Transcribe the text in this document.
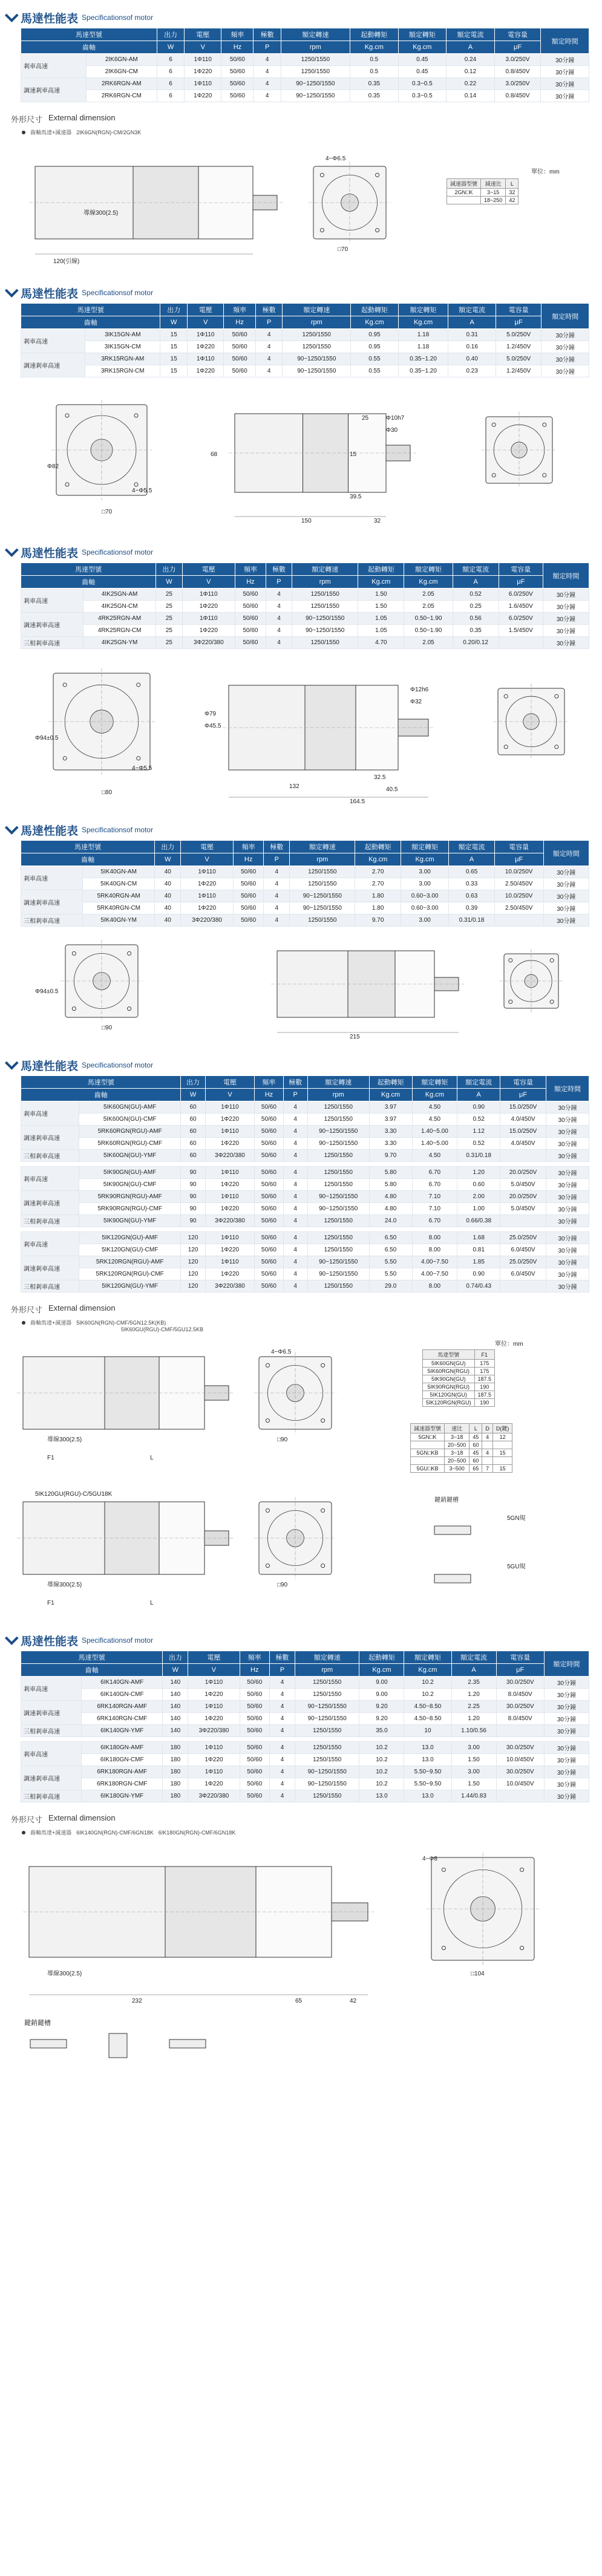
馬達性能表 Specificationsof motor
馬達型號		出力	電壓	頻率	極數	額定轉速	起動轉矩	額定轉矩	額定電流	電容量	額定時間
齒軸		W	V	Hz	P	rpm	Kg.cm	Kg.cm	A	μF	
剎車高速	2IK6GN-AM	6	1Φ110	50/60	4	1250/1550	0.5	0.45	0.24	3.0/250V	30分鐘
	2IK6GN-CM	6	1Φ220	50/60	4	1250/1550	0.5	0.45	0.12	0.8/450V	30分鐘
調速剎車高速	2RK6RGN-AM	6	1Φ110	50/60	4	90~1250/1550	0.35	0.3~0.5	0.22	3.0/250V	30分鐘
	2RK6RGN-CM	6	1Φ220	50/60	4	90~1250/1550	0.35	0.3~0.5	0.14	0.8/450V	30分鐘
外形尺寸 External dimension
齒軸馬達+減速器 2IK6GN(RGN)-CM/2GN3K
120(引線)
導線300(2.5)
4~Φ6.5
□70
減速器型號	減速比	L
2GN□K	3~15	32
	18~250	42
單位：mm
馬達性能表 Specificationsof motor
馬達型號		出力	電壓	頻率	極數	額定轉速	起動轉矩	額定轉矩	額定電流	電容量	額定時間
齒軸		W	V	Hz	P	rpm	Kg.cm	Kg.cm	A	μF	
剎車高速	3IK15GN-AM	15	1Φ110	50/60	4	1250/1550	0.95	1.18	0.31	5.0/250V	30分鐘
	3IK15GN-CM	15	1Φ220	50/60	4	1250/1550	0.95	1.18	0.16	1.2/450V	30分鐘
調速剎車高速	3RK15RGN-AM	15	1Φ110	50/60	4	90~1250/1550	0.55	0.35~1.20	0.40	5.0/250V	30分鐘
	3RK15RGN-CM	15	1Φ220	50/60	4	90~1250/1550	0.55	0.35~1.20	0.23	1.2/450V	30分鐘
Φ82
□70
68
150	32
Φ10h7
Φ30
25
15
39.5
4~Φ5.5
馬達性能表 Specificationsof motor
馬達型號		出力	電壓	頻率	極數	額定轉速	起動轉矩	額定轉矩	額定電流	電容量	額定時間
齒軸		W	V	Hz	P	rpm	Kg.cm	Kg.cm	A	μF	
剎車高速	4IK25GN-AM	25	1Φ110	50/60	4	1250/1550	1.50	2.05	0.52	6.0/250V	30分鐘
	4IK25GN-CM	25	1Φ220	50/60	4	1250/1550	1.50	2.05	0.25	1.6/450V	30分鐘
調速剎車高速	4RK25RGN-AM	25	1Φ110	50/60	4	90~1250/1550	1.05	0.50~1.90	0.56	6.0/250V	30分鐘
	4RK25RGN-CM	25	1Φ220	50/60	4	90~1250/1550	1.05	0.50~1.90	0.35	1.5/450V	30分鐘
三相剎車高速	4IK25GN-YM	25	3Φ220/380	50/60	4	1250/1550	4.70	2.05	0.20/0.12		30分鐘
Φ94±0.5
□80
Φ79
Φ45.5
132
32.5
40.5
164.5
Φ12h6
Φ32
4~Φ5.5
馬達性能表 Specificationsof motor
馬達型號		出力	電壓	頻率	極數	額定轉速	起動轉矩	額定轉矩	額定電流	電容量	額定時間
齒軸		W	V	Hz	P	rpm	Kg.cm	Kg.cm	A	μF	
剎車高速	5IK40GN-AM	40	1Φ110	50/60	4	1250/1550	2.70	3.00	0.65	10.0/250V	30分鐘
	5IK40GN-CM	40	1Φ220	50/60	4	1250/1550	2.70	3.00	0.33	2.50/450V	30分鐘
調速剎車高速	5RK40RGN-AM	40	1Φ110	50/60	4	90~1250/1550	1.80	0.60~3.00	0.63	10.0/250V	30分鐘
	5RK40RGN-CM	40	1Φ220	50/60	4	90~1250/1550	1.80	0.60~3.00	0.39	2.50/450V	30分鐘
三相剎車高速	5IK40GN-YM	40	3Φ220/380	50/60	4	1250/1550	9.70	3.00	0.31/0.18		30分鐘
Φ94±0.5
□90
215
馬達性能表 Specificationsof motor
馬達型號		出力	電壓	頻率	極數	額定轉速	起動轉矩	額定轉矩	額定電流	電容量	額定時間
齒軸		W	V	Hz	P	rpm	Kg.cm	Kg.cm	A	μF	
剎車高速	5IK60GN(GU)-AMF	60	1Φ110	50/60	4	1250/1550	3.97	4.50	0.90	15.0/250V	30分鐘
	5IK60GN(GU)-CMF	60	1Φ220	50/60	4	1250/1550	3.97	4.50	0.52	4.0/450V	30分鐘
調速剎車高速	5RK60RGN(RGU)-AMF	60	1Φ110	50/60	4	90~1250/1550	3.30	1.40~5.00	1.12	15.0/250V	30分鐘
	5RK60RGN(RGU)-CMF	60	1Φ220	50/60	4	90~1250/1550	3.30	1.40~5.00	0.52	4.0/450V	30分鐘
三相剎車高速	5IK60GN(GU)-YMF	60	3Φ220/380	50/60	4	1250/1550	9.70	4.50	0.31/0.18		30分鐘

剎車高速	5IK90GN(GU)-AMF	90	1Φ110	50/60	4	1250/1550	5.80	6.70	1.20	20.0/250V	30分鐘
	5IK90GN(GU)-CMF	90	1Φ220	50/60	4	1250/1550	5.80	6.70	0.60	5.0/450V	30分鐘
調速剎車高速	5RK90RGN(RGU)-AMF	90	1Φ110	50/60	4	90~1250/1550	4.80	7.10	2.00	20.0/250V	30分鐘
	5RK90RGN(RGU)-CMF	90	1Φ220	50/60	4	90~1250/1550	4.80	7.10	1.00	5.0/450V	30分鐘
三相剎車高速	5IK90GN(GU)-YMF	90	3Φ220/380	50/60	4	1250/1550	24.0	6.70	0.66/0.38		30分鐘

剎車高速	5IK120GN(GU)-AMF	120	1Φ110	50/60	4	1250/1550	6.50	8.00	1.68	25.0/250V	30分鐘
	5IK120GN(GU)-CMF	120	1Φ220	50/60	4	1250/1550	6.50	8.00	0.81	6.0/450V	30分鐘
調速剎車高速	5RK120RGN(RGU)-AMF	120	1Φ110	50/60	4	90~1250/1550	5.50	4.00~7.50	1.85	25.0/250V	30分鐘
	5RK120RGN(RGU)-CMF	120	1Φ220	50/60	4	90~1250/1550	5.50	4.00~7.50	0.90	6.0/450V	30分鐘
三相剎車高速	5IK120GN(GU)-YMF	120	3Φ220/380	50/60	4	1250/1550	29.0	8.00	0.74/0.43		30分鐘
外形尺寸 External dimension
齒軸馬達+減速器 5IK60GN(RGN)-CMF/5GN12.5K(KB)
5IK60GU(RGU)-CMF/5GU12.5KB
導線300(2.5)
F1	L
□90
4~Φ6.5
導線300(2.5)
F1	L
□90
5IK120GU(RGU)-C/5GU18K
鍵銷鍵槽
5GN規
5GU規
單位：mm
馬達型號	F1
5IK60GN(GU)	175
5IK60RGN(RGU)	175
5IK90GN(GU)	187.5
5IK90RGN(RGU)	190
5IK120GN(GU)	187.5
5IK120RGN(RGU)	190
減速器型號	速比	L	D	D(鍵)
5GN□K	3~18	45	4	12
	20~500	60		
5GN□KB	3~18	45	4	15
	20~500	60		
5GU□KB	3~500	65	7	15
馬達性能表 Specificationsof motor
馬達型號		出力	電壓	頻率	極數	額定轉速	起動轉矩	額定轉矩	額定電流	電容量	額定時間
齒軸		W	V	Hz	P	rpm	Kg.cm	Kg.cm	A	μF	
剎車高速	6IK140GN-AMF	140	1Φ110	50/60	4	1250/1550	9.00	10.2	2.35	30.0/250V	30分鐘
	6IK140GN-CMF	140	1Φ220	50/60	4	1250/1550	9.00	10.2	1.20	8.0/450V	30分鐘
調速剎車高速	6RK140RGN-AMF	140	1Φ110	50/60	4	90~1250/1550	9.20	4.50~8.50	2.25	30.0/250V	30分鐘
	6RK140RGN-CMF	140	1Φ220	50/60	4	90~1250/1550	9.20	4.50~8.50	1.20	8.0/450V	30分鐘
三相剎車高速	6IK140GN-YMF	140	3Φ220/380	50/60	4	1250/1550	35.0	10	1.10/0.56		30分鐘

剎車高速	6IK180GN-AMF	180	1Φ110	50/60	4	1250/1550	10.2	13.0	3.00	30.0/250V	30分鐘
	6IK180GN-CMF	180	1Φ220	50/60	4	1250/1550	10.2	13.0	1.50	10.0/450V	30分鐘
調速剎車高速	6RK180RGN-AMF	180	1Φ110	50/60	4	90~1250/1550	10.2	5.50~9.50	3.00	30.0/250V	30分鐘
	6RK180RGN-CMF	180	1Φ220	50/60	4	90~1250/1550	10.2	5.50~9.50	1.50	10.0/450V	30分鐘
三相剎車高速	6IK180GN-YMF	180	3Φ220/380	50/60	4	1250/1550	13.0	13.0	1.44/0.83		30分鐘
外形尺寸 External dimension
齒軸馬達+減速器 6IK140GN(RGN)-CMF/6GN18K 6IK180GN(RGN)-CMF/6GN18K
導線300(2.5)
232	65	42
□104
4~Φ8
鍵銷鍵槽
